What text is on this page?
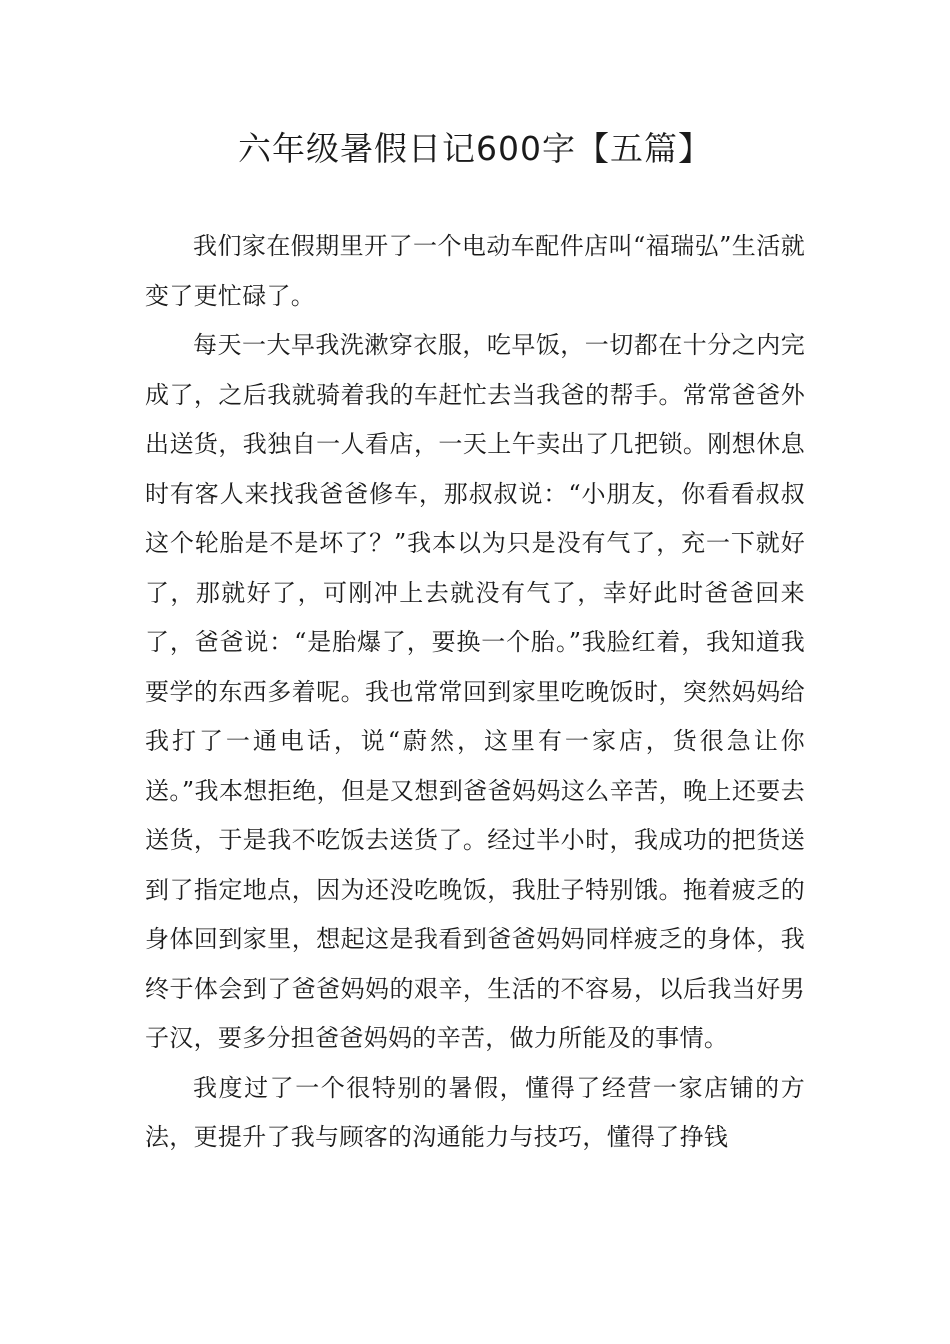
六年级暑假日记600字【五篇】

我们家在假期里开了一个电动车配件店叫“福瑞弘”生活就变了更忙碌了。

每天一大早我洗漱穿衣服，吃早饭，一切都在十分之内完成了，之后我就骑着我的车赶忙去当我爸的帮手。常常爸爸外出送货，我独自一人看店，一天上午卖出了几把锁。刚想休息时有客人来找我爸爸修车，那叔叔说：“小朋友，你看看叔叔这个轮胎是不是坏了？”我本以为只是没有气了，充一下就好了，那就好了，可刚冲上去就没有气了，幸好此时爸爸回来了，爸爸说：“是胎爆了，要换一个胎。”我脸红着，我知道我要学的东西多着呢。我也常常回到家里吃晚饭时，突然妈妈给我打了一通电话，说“蔚然，这里有一家店，货很急让你送。”我本想拒绝，但是又想到爸爸妈妈这么辛苦，晚上还要去送货，于是我不吃饭去送货了。经过半小时，我成功的把货送到了指定地点，因为还没吃晚饭，我肚子特别饿。拖着疲乏的身体回到家里，想起这是我看到爸爸妈妈同样疲乏的身体，我终于体会到了爸爸妈妈的艰辛，生活的不容易，以后我当好男子汉，要多分担爸爸妈妈的辛苦，做力所能及的事情。

我度过了一个很特别的暑假，懂得了经营一家店铺的方法，更提升了我与顾客的沟通能力与技巧，懂得了挣钱
